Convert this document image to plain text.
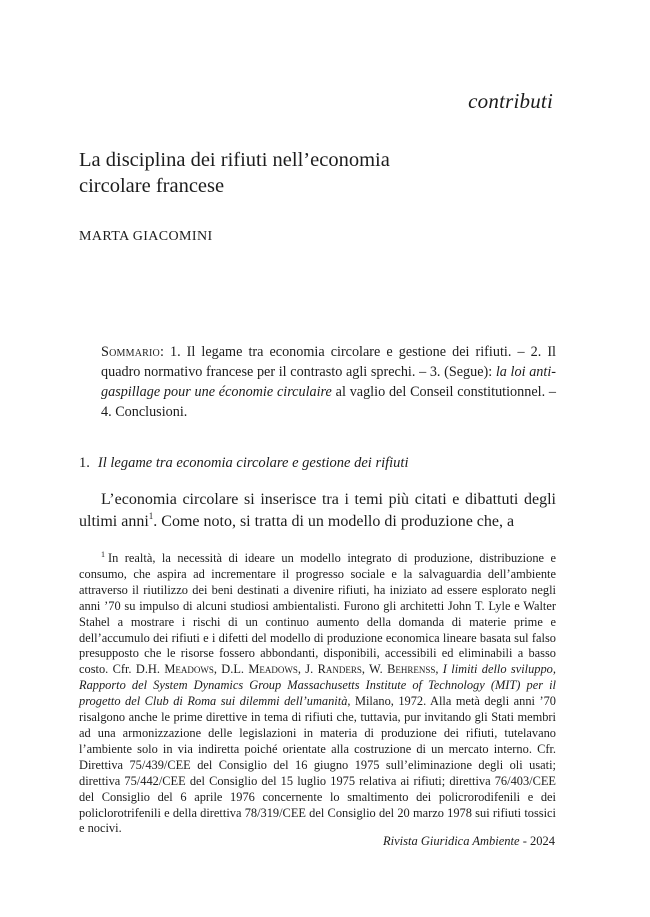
contributi
La disciplina dei rifiuti nell’economia
circolare francese
MARTA GIACOMINI
Sommario: 1. Il legame tra economia circolare e gestione dei rifiuti. – 2. Il quadro normativo francese per il contrasto agli sprechi. – 3. (Segue): la loi anti-gaspillage pour une économie circulaire al vaglio del Conseil constitutionnel. – 4. Conclusioni.
1. Il legame tra economia circolare e gestione dei rifiuti

L’economia circolare si inserisce tra i temi più citati e dibattuti degli ultimi anni$^1$. Come noto, si tratta di un modello di produzione che, a

$^1$ In realtà, la necessità di ideare un modello integrato di produzione, distribuzione e consumo, che aspira ad incrementare il progresso sociale e la salvaguardia dell’ambiente attraverso il riutilizzo dei beni destinati a divenire rifiuti, ha iniziato ad essere esplorato negli anni ’70 su impulso di alcuni studiosi ambientalisti. Furono gli architetti John T. Lyle e Walter Stahel a mostrare i rischi di un continuo aumento della domanda di materie prime e dell’accumulo dei rifiuti e i difetti del modello di produzione economica lineare basata sul falso presupposto che le risorse fossero abbondanti, disponibili, accessibili ed eliminabili a basso costo. Cfr. D.H. Meadows, D.L. Meadows, J. Randers, W. Behrenss, I limiti dello sviluppo, Rapporto del System Dynamics Group Massachusetts Institute of Technology (MIT) per il progetto del Club di Roma sui dilemmi dell’umanità, Milano, 1972. Alla metà degli anni ’70 risalgono anche le prime direttive in tema di rifiuti che, tuttavia, pur invitando gli Stati membri ad una armonizzazione delle legislazioni in materia di produzione dei rifiuti, tutelavano l’ambiente solo in via indiretta poiché orientate alla costruzione di un mercato interno. Cfr. Direttiva 75/439/CEE del Consiglio del 16 giugno 1975 sull’eliminazione degli oli usati; direttiva 75/442/CEE del Consiglio del 15 luglio 1975 relativa ai rifiuti; direttiva 76/403/CEE del Consiglio del 6 aprile 1976 concernente lo smaltimento dei policrorodifenili e dei policlorotrifenili e della direttiva 78/319/CEE del Consiglio del 20 marzo 1978 sui rifiuti tossici e nocivi.

Rivista Giuridica Ambiente - 2024
